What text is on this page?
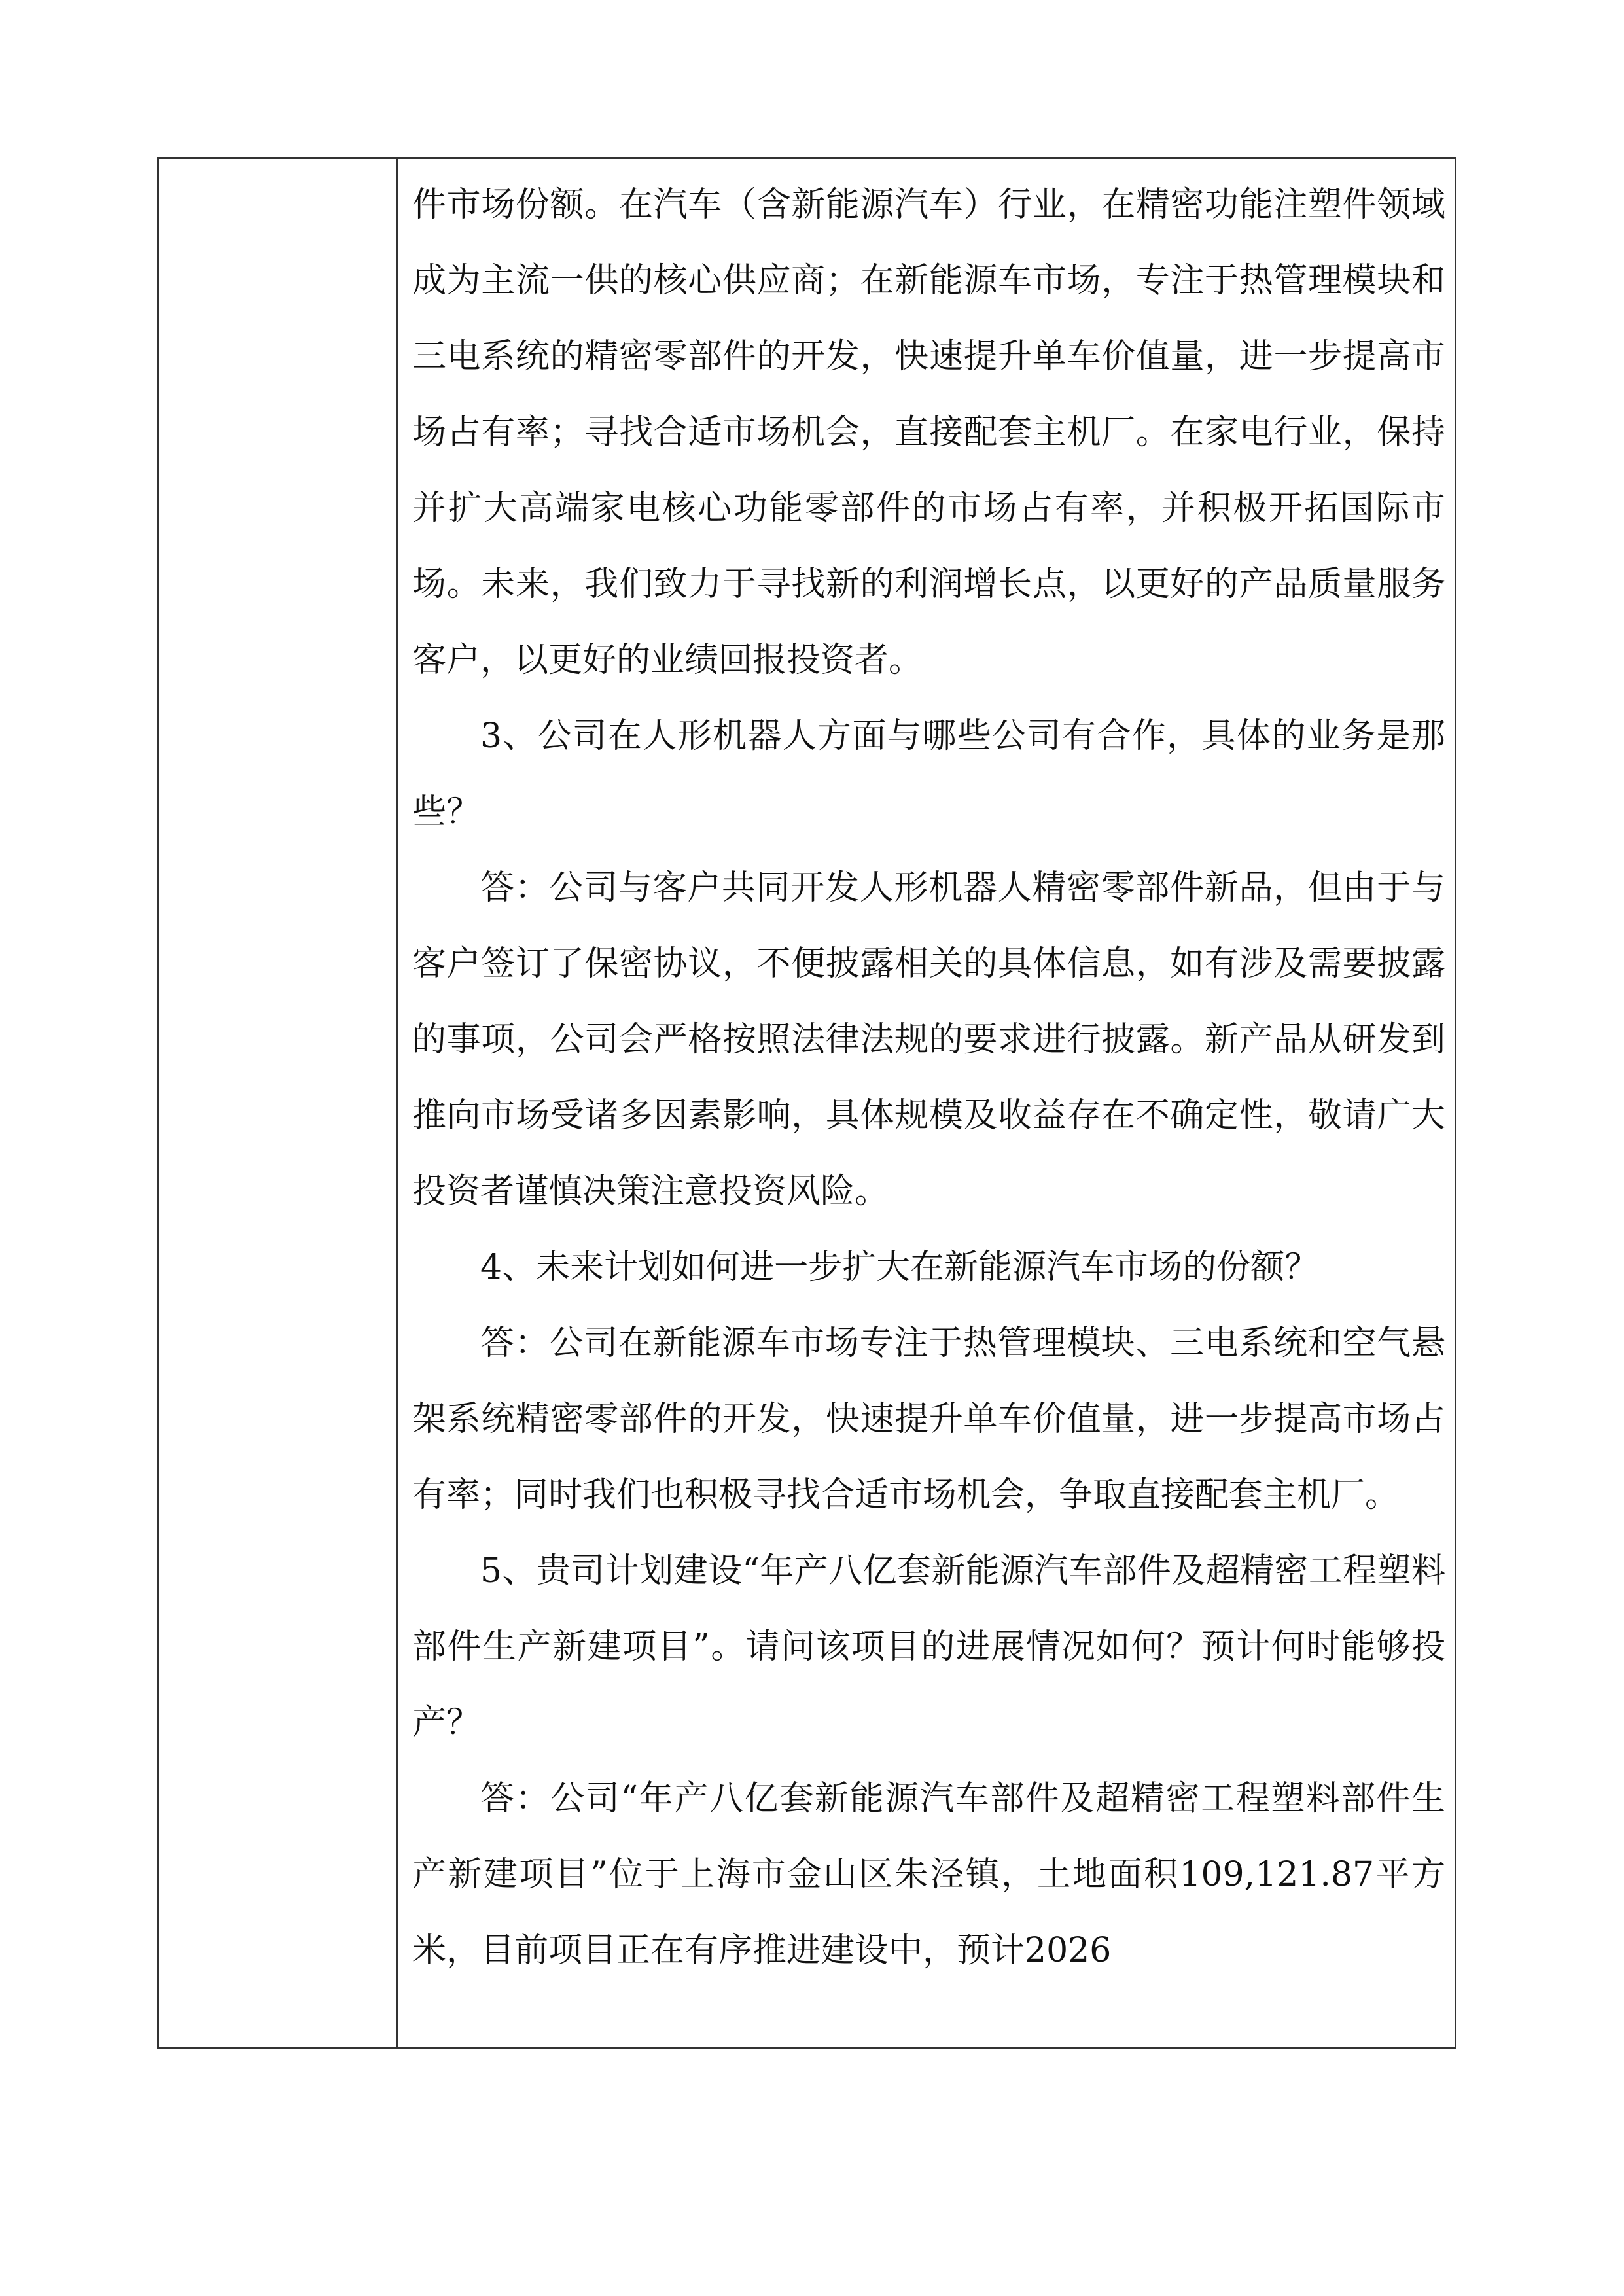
件市场份额。在汽车（含新能源汽车）行业，在精密功能注塑件领域成为主流一供的核心供应商；在新能源车市场，专注于热管理模块和三电系统的精密零部件的开发，快速提升单车价值量，进一步提高市场占有率；寻找合适市场机会，直接配套主机厂。在家电行业，保持并扩大高端家电核心功能零部件的市场占有率，并积极开拓国际市场。未来，我们致力于寻找新的利润增长点，以更好的产品质量服务客户，以更好的业绩回报投资者。

3、公司在人形机器人方面与哪些公司有合作，具体的业务是那些？

答：公司与客户共同开发人形机器人精密零部件新品，但由于与客户签订了保密协议，不便披露相关的具体信息，如有涉及需要披露的事项，公司会严格按照法律法规的要求进行披露。新产品从研发到推向市场受诸多因素影响，具体规模及收益存在不确定性，敬请广大投资者谨慎决策注意投资风险。

4、未来计划如何进一步扩大在新能源汽车市场的份额？

答：公司在新能源车市场专注于热管理模块、三电系统和空气悬架系统精密零部件的开发，快速提升单车价值量，进一步提高市场占有率；同时我们也积极寻找合适市场机会，争取直接配套主机厂。

5、贵司计划建设“年产八亿套新能源汽车部件及超精密工程塑料部件生产新建项目”。请问该项目的进展情况如何？预计何时能够投产？

答：公司“年产八亿套新能源汽车部件及超精密工程塑料部件生产新建项目”位于上海市金山区朱泾镇，土地面积109,121.87平方米，目前项目正在有序推进建设中，预计2026
